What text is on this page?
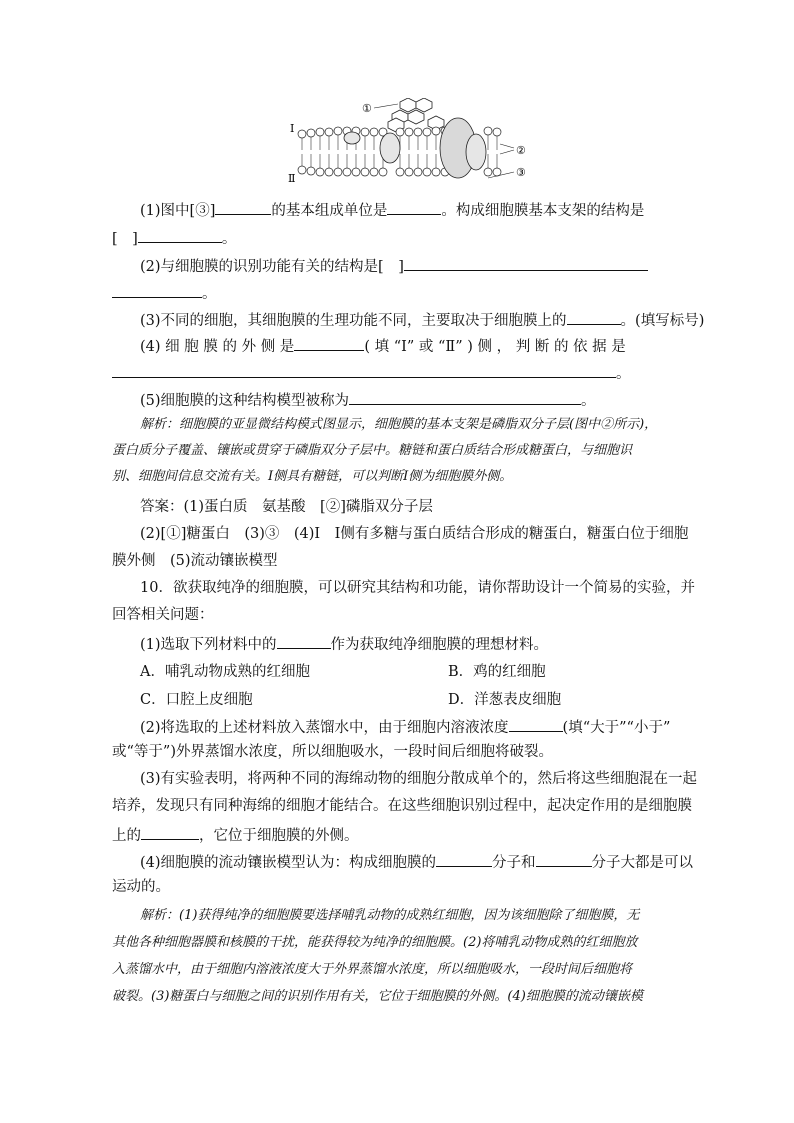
Ⅰ
Ⅱ
①
②
③
(1)图中[③]	的基本组成单位是	。构成细胞膜基本支架的结构是
[　]	。
(2)与细胞膜的识别功能有关的结构是[　]
。
(3)不同的细胞，其细胞膜的生理功能不同，主要取决于细胞膜上的	。(填写标号)
(4) 细 胞 膜 的 外 侧 是	( 填 “Ⅰ” 或 “Ⅱ” ) 侧 ， 判 断 的 依 据 是
。
(5)细胞膜的这种结构模型被称为	。
解析：细胞膜的亚显微结构模式图显示，细胞膜的基本支架是磷脂双分子层(图中②所示)，
蛋白质分子覆盖、镶嵌或贯穿于磷脂双分子层中。糖链和蛋白质结合形成糖蛋白，与细胞识
别、细胞间信息交流有关。Ⅰ侧具有糖链，可以判断Ⅰ侧为细胞膜外侧。
答案：(1)蛋白质　氨基酸　[②]磷脂双分子层
(2)[①]糖蛋白　(3)③　(4)Ⅰ　Ⅰ侧有多糖与蛋白质结合形成的糖蛋白，糖蛋白位于细胞
膜外侧　(5)流动镶嵌模型
10．欲获取纯净的细胞膜，可以研究其结构和功能，请你帮助设计一个简易的实验，并
回答相关问题：
(1)选取下列材料中的	作为获取纯净细胞膜的理想材料。
A．哺乳动物成熟的红细胞	B．鸡的红细胞
C．口腔上皮细胞	D．洋葱表皮细胞
(2)将选取的上述材料放入蒸馏水中，由于细胞内溶液浓度	(填“大于”“小于”
或“等于”)外界蒸馏水浓度，所以细胞吸水，一段时间后细胞将破裂。
(3)有实验表明，将两种不同的海绵动物的细胞分散成单个的，然后将这些细胞混在一起
培养，发现只有同种海绵的细胞才能结合。在这些细胞识别过程中，起决定作用的是细胞膜
上的	，它位于细胞膜的外侧。
(4)细胞膜的流动镶嵌模型认为：构成细胞膜的	分子和	分子大都是可以
运动的。
解析：(1)获得纯净的细胞膜要选择哺乳动物的成熟红细胞，因为该细胞除了细胞膜，无
其他各种细胞器膜和核膜的干扰，能获得较为纯净的细胞膜。(2)将哺乳动物成熟的红细胞放
入蒸馏水中，由于细胞内溶液浓度大于外界蒸馏水浓度，所以细胞吸水，一段时间后细胞将
破裂。(3)糖蛋白与细胞之间的识别作用有关，它位于细胞膜的外侧。(4)细胞膜的流动镶嵌模
